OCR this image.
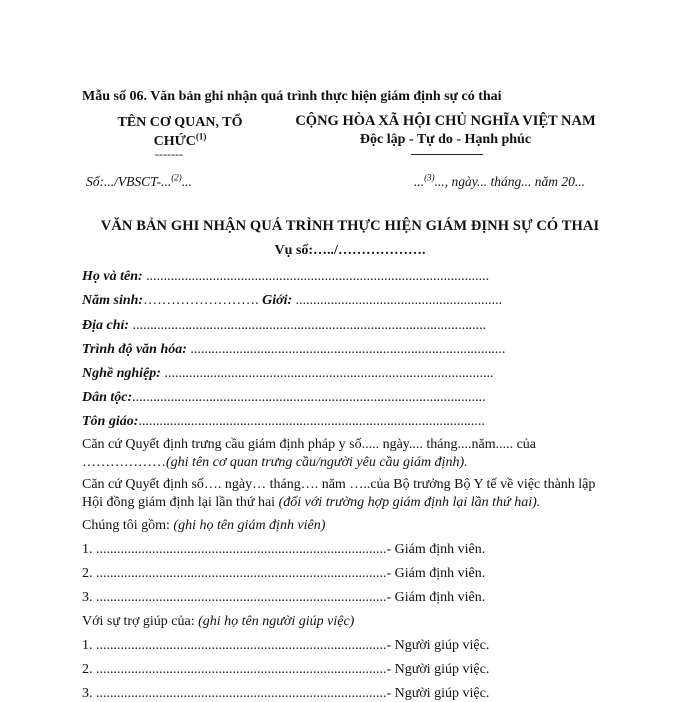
Mẫu số 06. Văn bản ghi nhận quá trình thực hiện giám định sự có thai
TÊN CƠ QUAN, TỔ CHỨC$^{(1)}$
-------
CỘNG HÒA XÃ HỘI CHỦ NGHĨA VIỆT NAM
Độc lập - Tự do - Hạnh phúc
Số:.../VBSCT-...$^{(2)}$...	...$^{(3)}$..., ngày... tháng... năm 20...
VĂN BẢN GHI NHẬN QUÁ TRÌNH THỰC HIỆN GIÁM ĐỊNH SỰ CÓ THAI
Vụ số:…../……………….
Họ và tên: ..................................................................................................
Năm sinh:……………………. Giới: ...........................................................
Địa chỉ: .....................................................................................................
Trình độ văn hóa: ..........................................................................................
Nghề nghiệp: ..............................................................................................
Dân tộc:.....................................................................................................
Tôn giáo:...................................................................................................
Căn cứ Quyết định trưng cầu giám định pháp y số..... ngày.... tháng....năm..... của ………………(ghi tên cơ quan trưng cầu/người yêu cầu giám định).
Căn cứ Quyết định số…. ngày… tháng…. năm …..của Bộ trưởng Bộ Y tế về việc thành lập Hội đồng giám định lại lần thứ hai (đối với trường hợp giám định lại lần thứ hai).
Chúng tôi gồm: (ghi họ tên giám định viên)
1. ...................................................................................- Giám định viên.
2. ...................................................................................- Giám định viên.
3. ...................................................................................- Giám định viên.
Với sự trợ giúp của: (ghi họ tên người giúp việc)
1. ...................................................................................- Người giúp việc.
2. ...................................................................................- Người giúp việc.
3. ...................................................................................- Người giúp việc.
